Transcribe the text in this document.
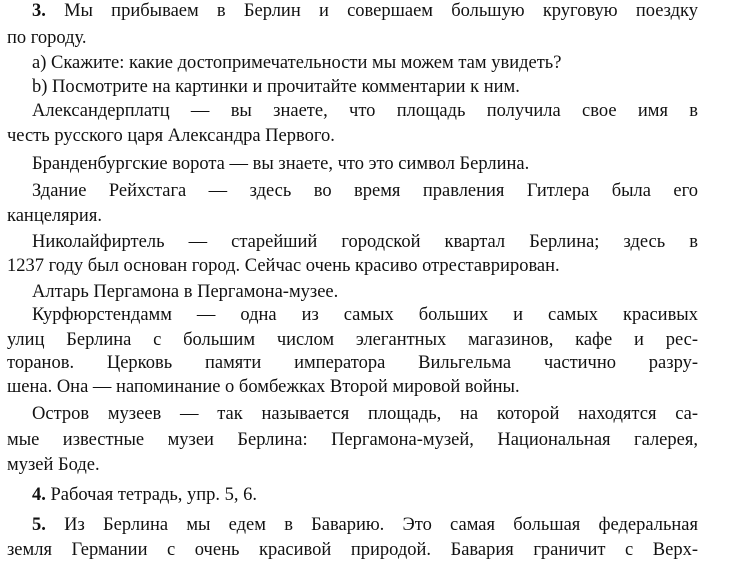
3. Мы прибываем в Берлин и совершаем большую круговую поездку
по городу.
а) Скажите: какие достопримечательности мы можем там увидеть?
b) Посмотрите на картинки и прочитайте комментарии к ним.
Александерплатц — вы знаете, что площадь получила свое имя в
честь русского царя Александра Первого.
Бранденбургские ворота — вы знаете, что это символ Берлина.
Здание Рейхстага — здесь во время правления Гитлера была его
канцелярия.
Николайфиртель — старейший городской квартал Берлина; здесь в
1237 году был основан город. Сейчас очень красиво отреставрирован.
Алтарь Пергамона в Пергамона-музее.
Курфюрстендамм — одна из самых больших и самых красивых
улиц Берлина с большим числом элегантных магазинов, кафе и рес-
торанов. Церковь памяти императора Вильгельма частично разру-
шена. Она — напоминание о бомбежках Второй мировой войны.
Остров музеев — так называется площадь, на которой находятся са-
мые известные музеи Берлина: Пергамона-музей, Национальная галерея,
музей Боде.
4. Рабочая тетрадь, упр. 5, 6.
5. Из Берлина мы едем в Баварию. Это самая большая федеральная
земля Германии с очень красивой природой. Бавария граничит с Верх-
